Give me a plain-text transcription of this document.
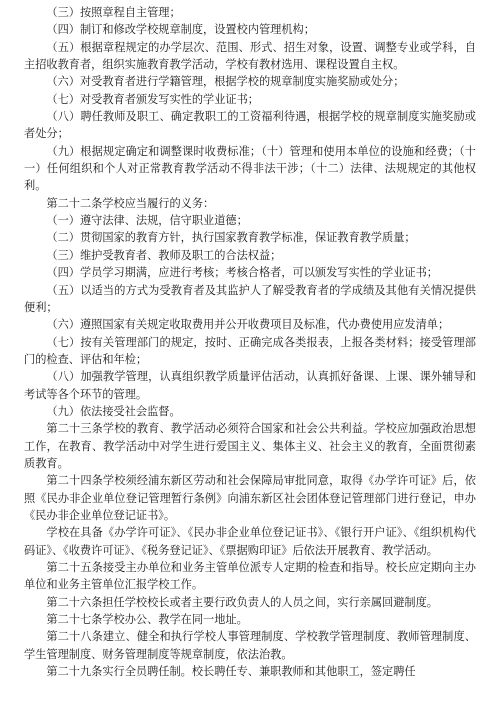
（三）按照章程自主管理；

（四）制订和修改学校规章制度，设置校内管理机构；

（五）根据章程规定的办学层次、范围、形式、招生对象，设置、调整专业或学科，自主招收教育者，组织实施教育教学活动，学校有教材选用、课程设置自主权。

（六）对受教育者进行学籍管理，根据学校的规章制度实施奖励或处分；

（七）对受教育者颁发写实性的学业证书；

（八）聘任教师及职工、确定教职工的工资福利待遇，根据学校的规章制度实施奖励或者处分；

（九）根据规定确定和调整课时收费标准；（十）管理和使用本单位的设施和经费；（十一）任何组织和个人对正常教育教学活动不得非法干涉；（十二）法律、法规规定的其他权利。

第二十二条学校应当履行的义务：

（一）遵守法律、法规，信守职业道德；

（二）贯彻国家的教育方针，执行国家教育教学标准，保证教育教学质量；

（三）维护受教育者、教师及职工的合法权益；

（四）学员学习期满，应进行考核；考核合格者，可以颁发写实性的学业证书；

（五）以适当的方式为受教育者及其监护人了解受教育者的学成绩及其他有关情况提供便利；

（六）遵照国家有关规定收取费用并公开收费项目及标准，代办费使用应发清单；

（七）按有关管理部门的规定，按时、正确完成各类报表，上报各类材料；接受管理部门的检查、评估和年检；

（八）加强教学管理，认真组织教学质量评估活动，认真抓好备课、上课、课外辅导和考试等各个环节的管理。

（九）依法接受社会监督。

第二十三条学校的教育、教学活动必须符合国家和社会公共利益。学校应加强政治思想工作，在教育、教学活动中对学生进行爱国主义、集体主义、社会主义的教育，全面贯彻素质教育。

第二十四条学校须经浦东新区劳动和社会保障局审批同意，取得《办学许可证》后，依照《民办非企业单位登记管理暂行条例》向浦东新区社会团体登记管理部门进行登记，申办《民办非企业单位登记证书》。

学校在具备《办学许可证》、《民办非企业单位登记证书》、《银行开户证》、《组织机构代码证》、《收费许可证》、《税务登记证》、《票据购印证》后依法开展教育、教学活动。

第二十五条接受主办单位和业务主管单位派专人定期的检查和指导。校长应定期向主办单位和业务主管单位汇报学校工作。

第二十六条担任学校校长或者主要行政负责人的人员之间，实行亲属回避制度。

第二十七条学校办公、教学在同一地址。

第二十八条建立、健全和执行学校人事管理制度、学校教学管理制度、教师管理制度、学生管理制度、财务管理制度等规章制度，依法治教。

第二十九条实行全员聘任制。校长聘任专、兼职教师和其他职工，签定聘任
